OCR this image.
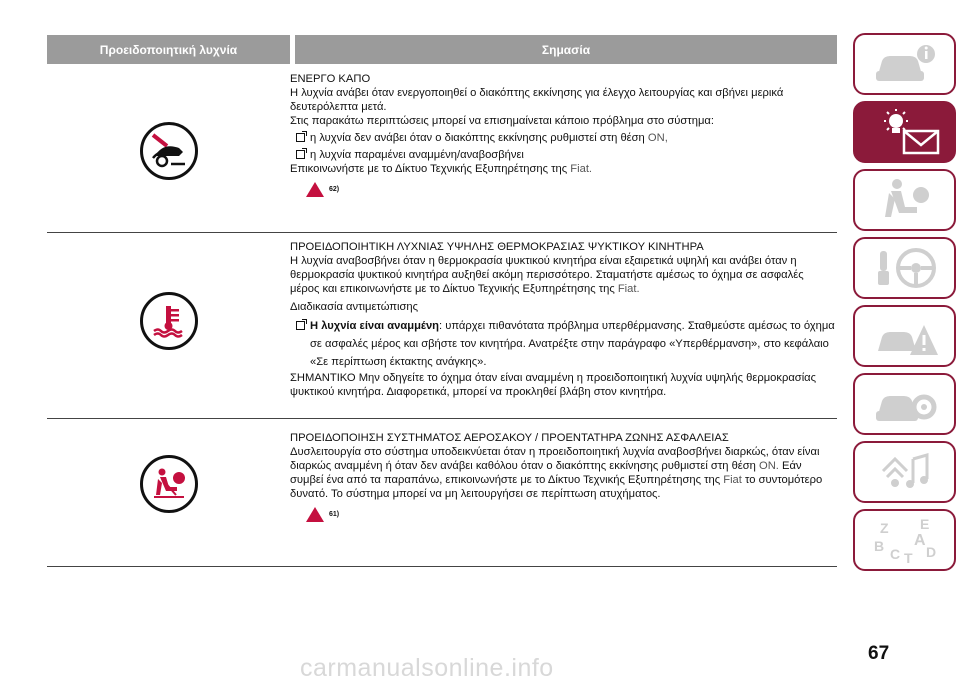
Προειδοποιητική λυχνία	Σημασία

ΕΝΕΡΓΟ ΚΑΠΟ

Η λυχνία ανάβει όταν ενεργοποιηθεί ο διακόπτης εκκίνησης για έλεγχο λειτουργίας και σβήνει μερικά δευτερόλεπτα μετά.

Στις παρακάτω περιπτώσεις μπορεί να επισημαίνεται κάποιο πρόβλημα στο σύστημα:

η λυχνία δεν ανάβει όταν ο διακόπτης εκκίνησης ρυθμιστεί στη θέση ON,
η λυχνία παραμένει αναμμένη/αναβοσβήνει

Επικοινωνήστε με το Δίκτυο Τεχνικής Εξυπηρέτησης της Fiat.

62)

ΠΡΟΕΙΔΟΠΟΙΗΤΙΚΗ ΛΥΧΝΙΑΣ ΥΨΗΛΗΣ ΘΕΡΜΟΚΡΑΣΙΑΣ ΨΥΚΤΙΚΟΥ ΚΙΝΗΤΗΡΑ

Η λυχνία αναβοσβήνει όταν η θερμοκρασία ψυκτικού κινητήρα είναι εξαιρετικά υψηλή και ανάβει όταν η θερμοκρασία ψυκτικού κινητήρα αυξηθεί ακόμη περισσότερο. Σταματήστε αμέσως το όχημα σε ασφαλές μέρος και επικοινωνήστε με το Δίκτυο Τεχνικής Εξυπηρέτησης της Fiat.

Διαδικασία αντιμετώπισης

Η λυχνία είναι αναμμένη: υπάρχει πιθανότατα πρόβλημα υπερθέρμανσης. Σταθμεύστε αμέσως το όχημα σε ασφαλές μέρος και σβήστε τον κινητήρα. Ανατρέξτε στην παράγραφο «Υπερθέρμανση», στο κεφάλαιο «Σε περίπτωση έκτακτης ανάγκης».

ΣΗΜΑΝΤΙΚΟ Μην οδηγείτε το όχημα όταν είναι αναμμένη η προειδοποιητική λυχνία υψηλής θερμοκρασίας ψυκτικού κινητήρα. Διαφορετικά, μπορεί να προκληθεί βλάβη στον κινητήρα.

ΠΡΟΕΙΔΟΠΟΙΗΣΗ ΣΥΣΤΗΜΑΤΟΣ ΑΕΡΟΣΑΚΟΥ / ΠΡΟΕΝΤΑΤΗΡΑ ΖΩΝΗΣ ΑΣΦΑΛΕΙΑΣ

Δυσλειτουργία στο σύστημα υποδεικνύεται όταν η προειδοποιητική λυχνία αναβοσβήνει διαρκώς, όταν είναι διαρκώς αναμμένη ή όταν δεν ανάβει καθόλου όταν ο διακόπτης εκκίνησης ρυθμιστεί στη θέση ON. Εάν συμβεί ένα από τα παραπάνω, επικοινωνήστε με το Δίκτυο Τεχνικής Εξυπηρέτησης της Fiat το συντομότερο δυνατό. Το σύστημα μπορεί να μη λειτουργήσει σε περίπτωση ατυχήματος.

61)
Z E
B A
C T D
67
carmanualsonline.info
